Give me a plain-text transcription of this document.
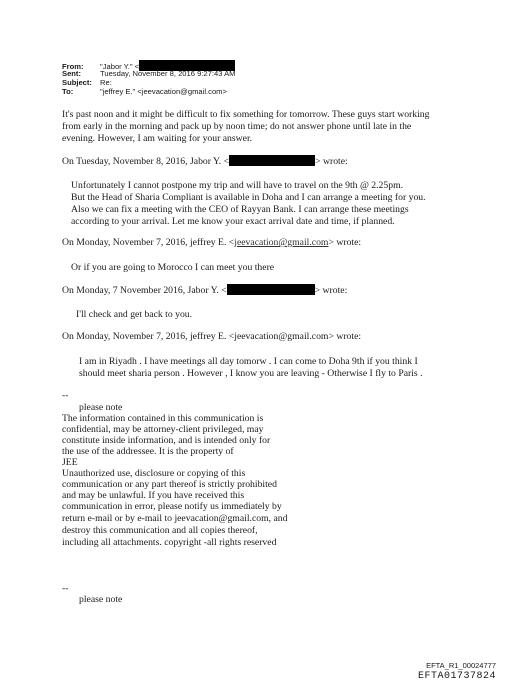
From: "Jabor Y." <
Sent:	Tuesday, November 8, 2016 9:27:43 AM
Subject: Re:
To:	"jeffrey E." <jeevacation@gmail.com>
It's past noon and it might be difficult to fix something for tomorrow. These guys start working
from early in the morning and pack up by noon time; do not answer phone until late in the
evening. However, I am waiting for your answer.
On Tuesday, November 8, 2016, Jabor Y. <	> wrote:
Unfortunately I cannot postpone my trip and will have to travel on the 9th @ 2.25pm.
But the Head of Sharia Compliant is available in Doha and I can arrange a meeting for you.
Also we can fix a meeting with the CEO of Rayyan Bank. I can arrange these meetings
according to your arrival. Let me know your exact arrival date and time, if planned.
On Monday, November 7, 2016, jeffrey E. <jeevacation@gmail.com> wrote:
Or if you are going to Morocco I can meet you there
On Monday, 7 November 2016, Jabor Y. <	> wrote:
I'll check and get back to you.
On Monday, November 7, 2016, jeffrey E. <jeevacation@gmail.com> wrote:
I am in Riyadh . I have meetings all day tomorw . I can come to Doha 9th if you think I
should meet sharia person . However , I know you are leaving - Otherwise I fly to Paris .
--
please note
The information contained in this communication is
confidential, may be attorney-client privileged, may
constitute inside information, and is intended only for
the use of the addressee. It is the property of
JEE
Unauthorized use, disclosure or copying of this
communication or any part thereof is strictly prohibited
and may be unlawful. If you have received this
communication in error, please notify us immediately by
return e-mail or by e-mail to jeevacation@gmail.com, and
destroy this communication and all copies thereof,
including all attachments. copyright -all rights reserved
--
please note
EFTA_R1_00024777
EFTA01737824
